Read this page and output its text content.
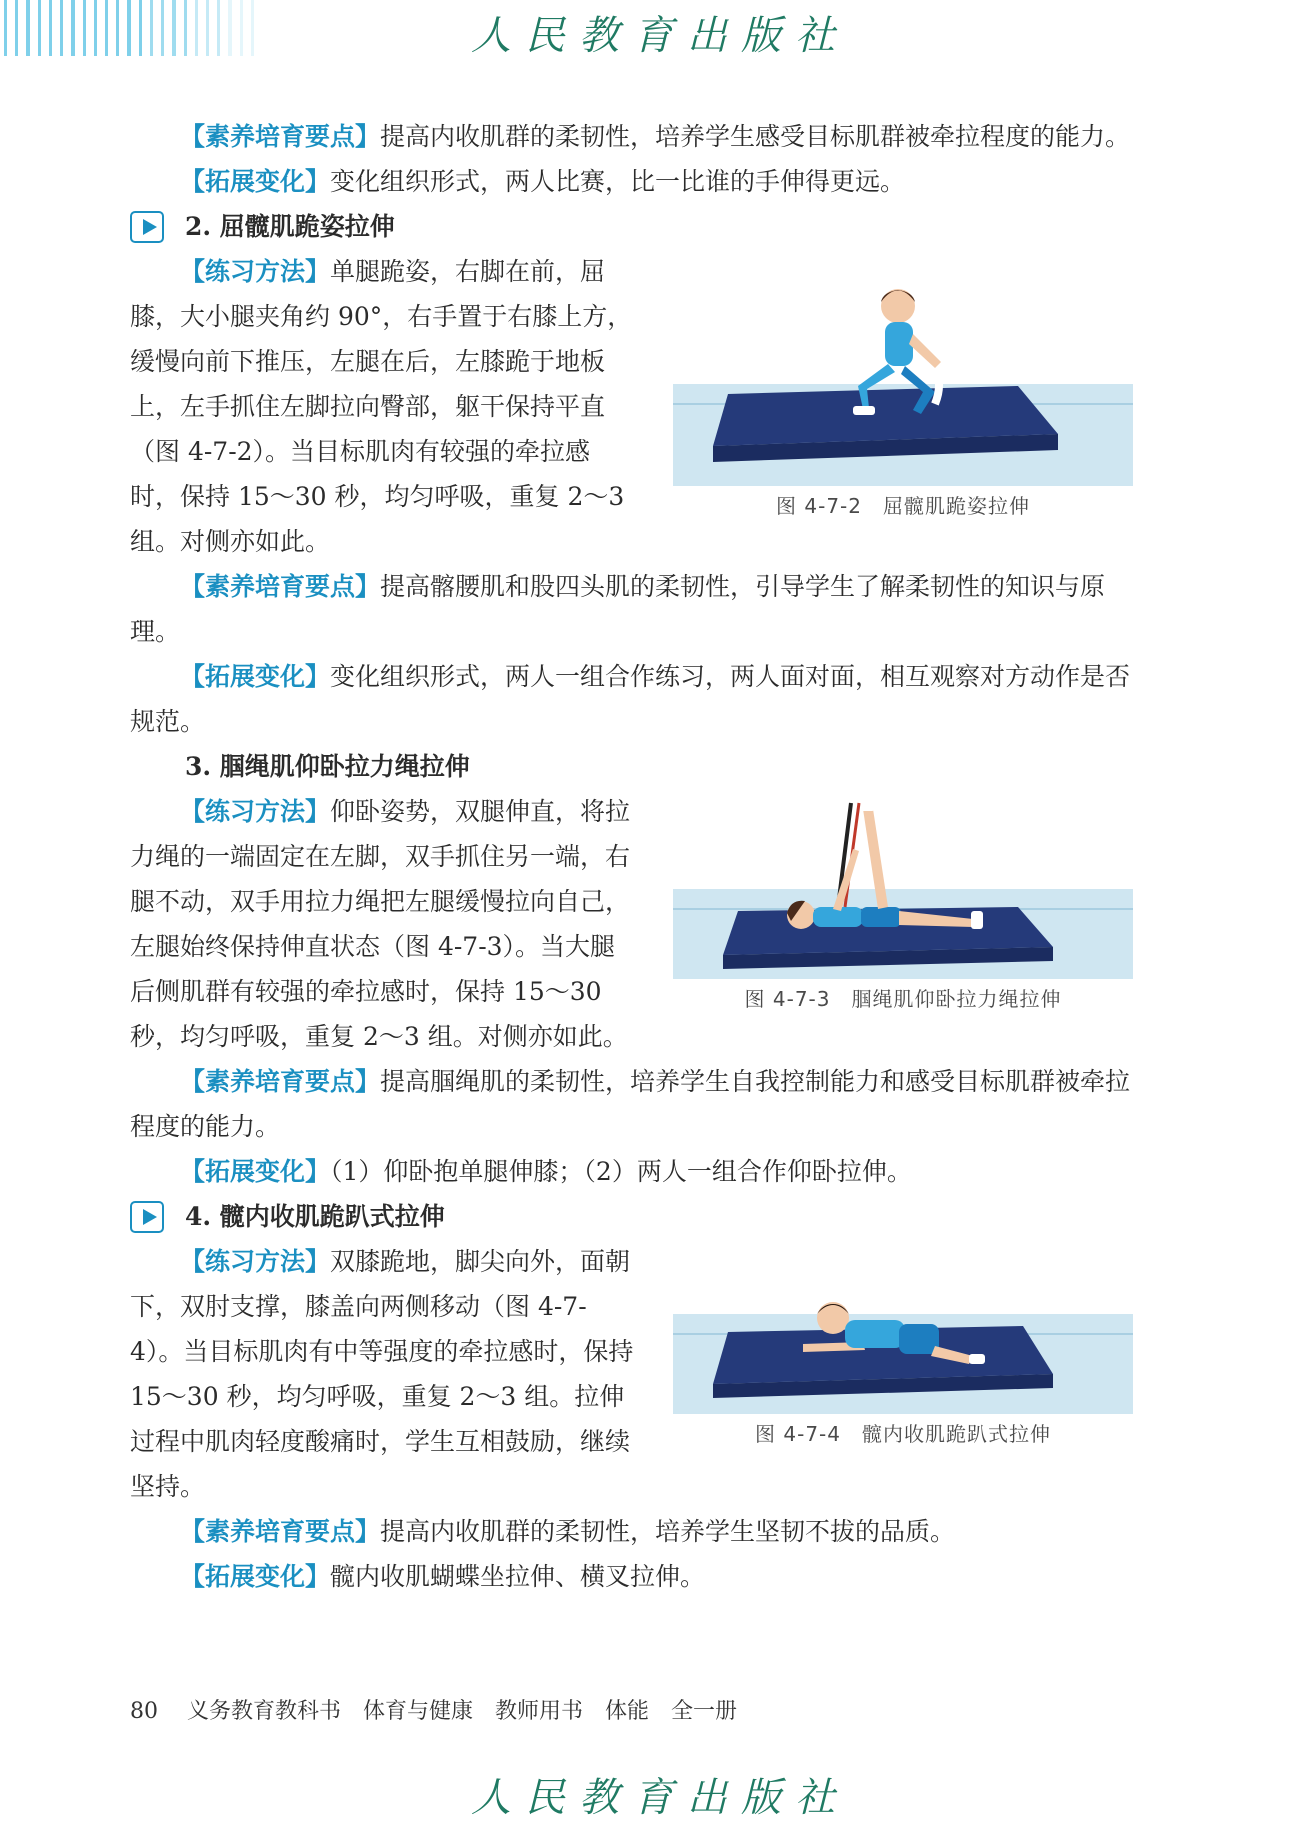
人民教育出版社

【素养培育要点】提高内收肌群的柔韧性，培养学生感受目标肌群被牵拉程度的能力。

【拓展变化】变化组织形式，两人比赛，比一比谁的手伸得更远。

2. 屈髋肌跪姿拉伸

【练习方法】单腿跪姿，右脚在前，屈膝，大小腿夹角约 90°，右手置于右膝上方，缓慢向前下推压，左腿在后，左膝跪于地板上，左手抓住左脚拉向臀部，躯干保持平直（图 4-7-2）。当目标肌肉有较强的牵拉感时，保持 15～30 秒，均匀呼吸，重复 2～3 组。对侧亦如此。

图 4-7-2　屈髋肌跪姿拉伸

【素养培育要点】提高髂腰肌和股四头肌的柔韧性，引导学生了解柔韧性的知识与原理。

【拓展变化】变化组织形式，两人一组合作练习，两人面对面，相互观察对方动作是否规范。

3. 腘绳肌仰卧拉力绳拉伸

【练习方法】仰卧姿势，双腿伸直，将拉力绳的一端固定在左脚，双手抓住另一端，右腿不动，双手用拉力绳把左腿缓慢拉向自己，左腿始终保持伸直状态（图 4-7-3）。当大腿后侧肌群有较强的牵拉感时，保持 15～30 秒，均匀呼吸，重复 2～3 组。对侧亦如此。

图 4-7-3　腘绳肌仰卧拉力绳拉伸

【素养培育要点】提高腘绳肌的柔韧性，培养学生自我控制能力和感受目标肌群被牵拉程度的能力。

【拓展变化】（1）仰卧抱单腿伸膝；（2）两人一组合作仰卧拉伸。

4. 髋内收肌跪趴式拉伸

【练习方法】双膝跪地，脚尖向外，面朝下，双肘支撑，膝盖向两侧移动（图 4-7-4）。当目标肌肉有中等强度的牵拉感时，保持 15～30 秒，均匀呼吸，重复 2～3 组。拉伸过程中肌肉轻度酸痛时，学生互相鼓励，继续坚持。

图 4-7-4　髋内收肌跪趴式拉伸

【素养培育要点】提高内收肌群的柔韧性，培养学生坚韧不拔的品质。

【拓展变化】髋内收肌蝴蝶坐拉伸、横叉拉伸。

80 义务教育教科书　体育与健康　教师用书　体能　全一册
人民教育出版社
